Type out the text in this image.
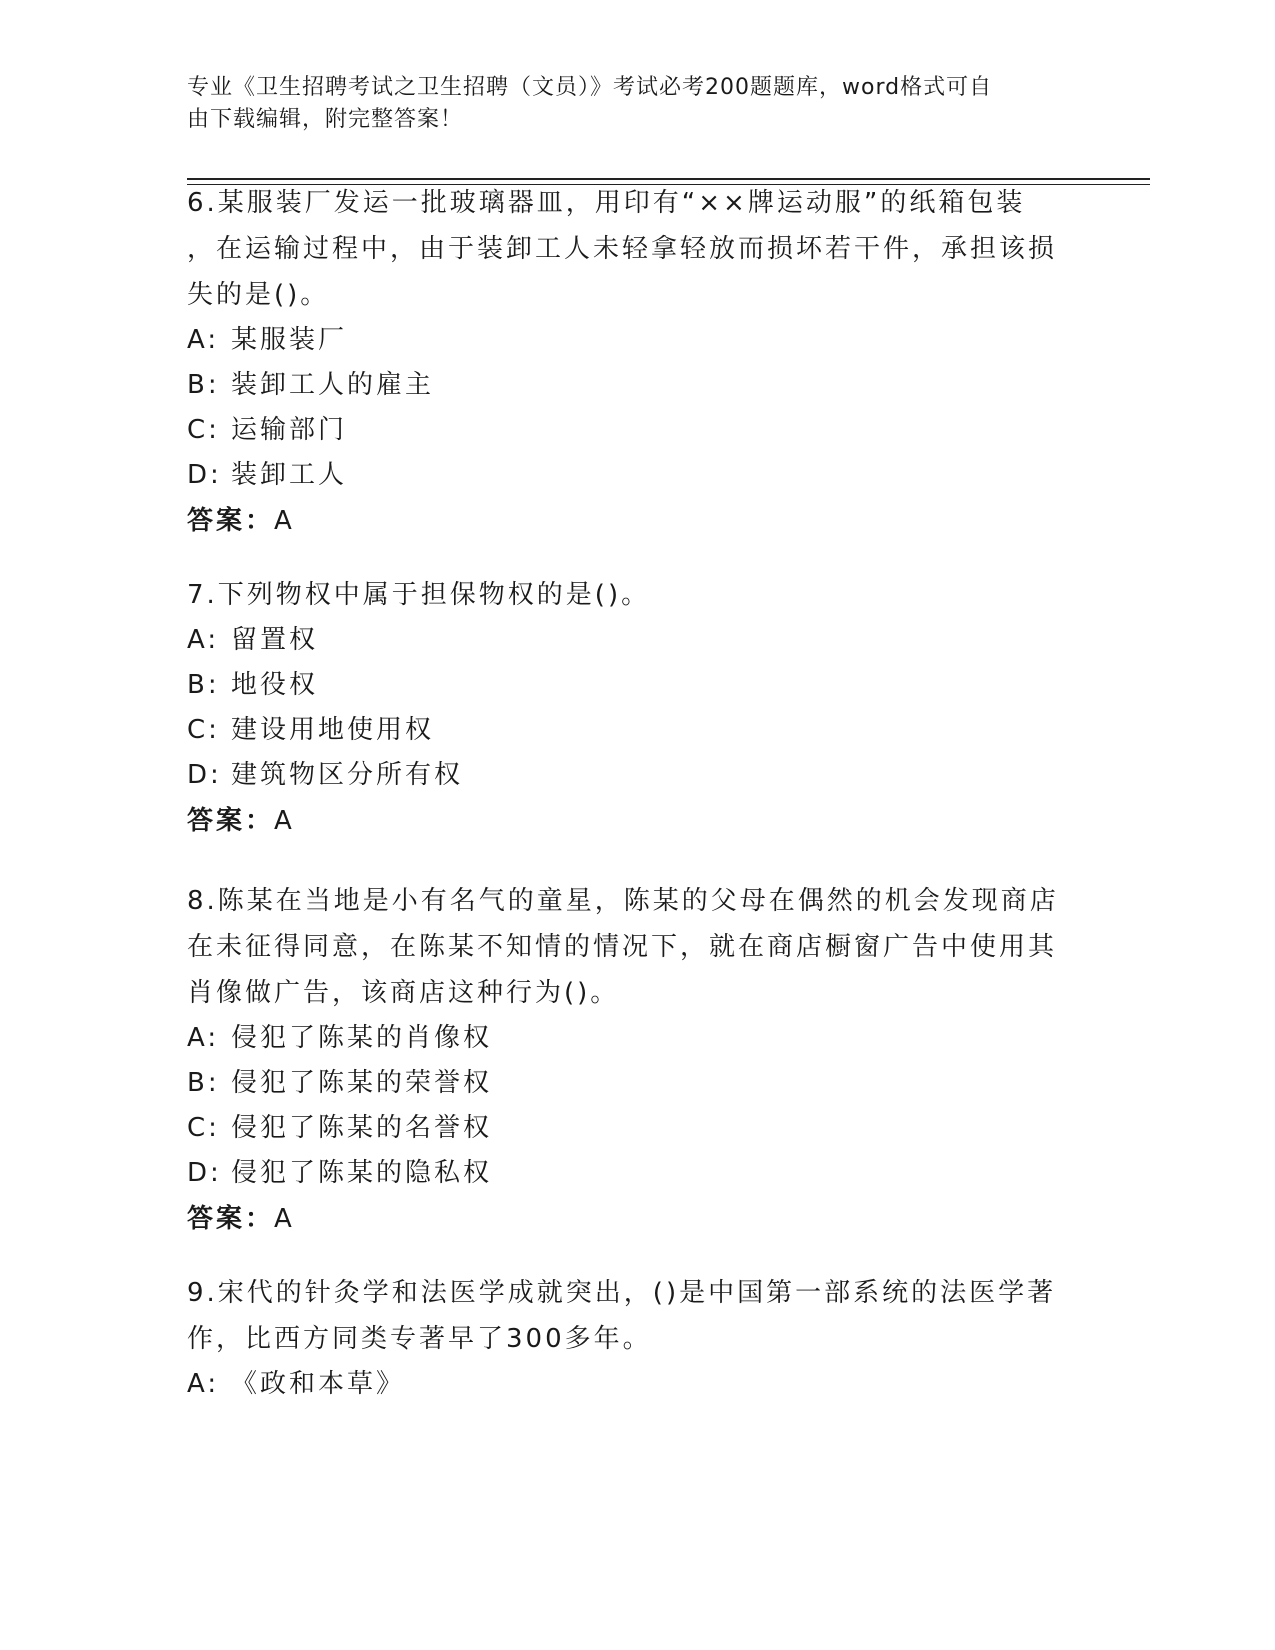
专业《卫生招聘考试之卫生招聘（文员）》考试必考200题题库，word格式可自
由下载编辑，附完整答案！
6.某服装厂发运一批玻璃器皿，用印有“××牌运动服”的纸箱包装
，在运输过程中，由于装卸工人未轻拿轻放而损坏若干件，承担该损
失的是()。
A: 某服装厂
B: 装卸工人的雇主
C: 运输部门
D: 装卸工人
答案：A
7.下列物权中属于担保物权的是()。
A: 留置权
B: 地役权
C: 建设用地使用权
D: 建筑物区分所有权
答案：A
8.陈某在当地是小有名气的童星，陈某的父母在偶然的机会发现商店
在未征得同意，在陈某不知情的情况下，就在商店橱窗广告中使用其
肖像做广告，该商店这种行为()。
A: 侵犯了陈某的肖像权
B: 侵犯了陈某的荣誉权
C: 侵犯了陈某的名誉权
D: 侵犯了陈某的隐私权
答案：A
9.宋代的针灸学和法医学成就突出，()是中国第一部系统的法医学著
作，比西方同类专著早了300多年。
A: 《政和本草》
